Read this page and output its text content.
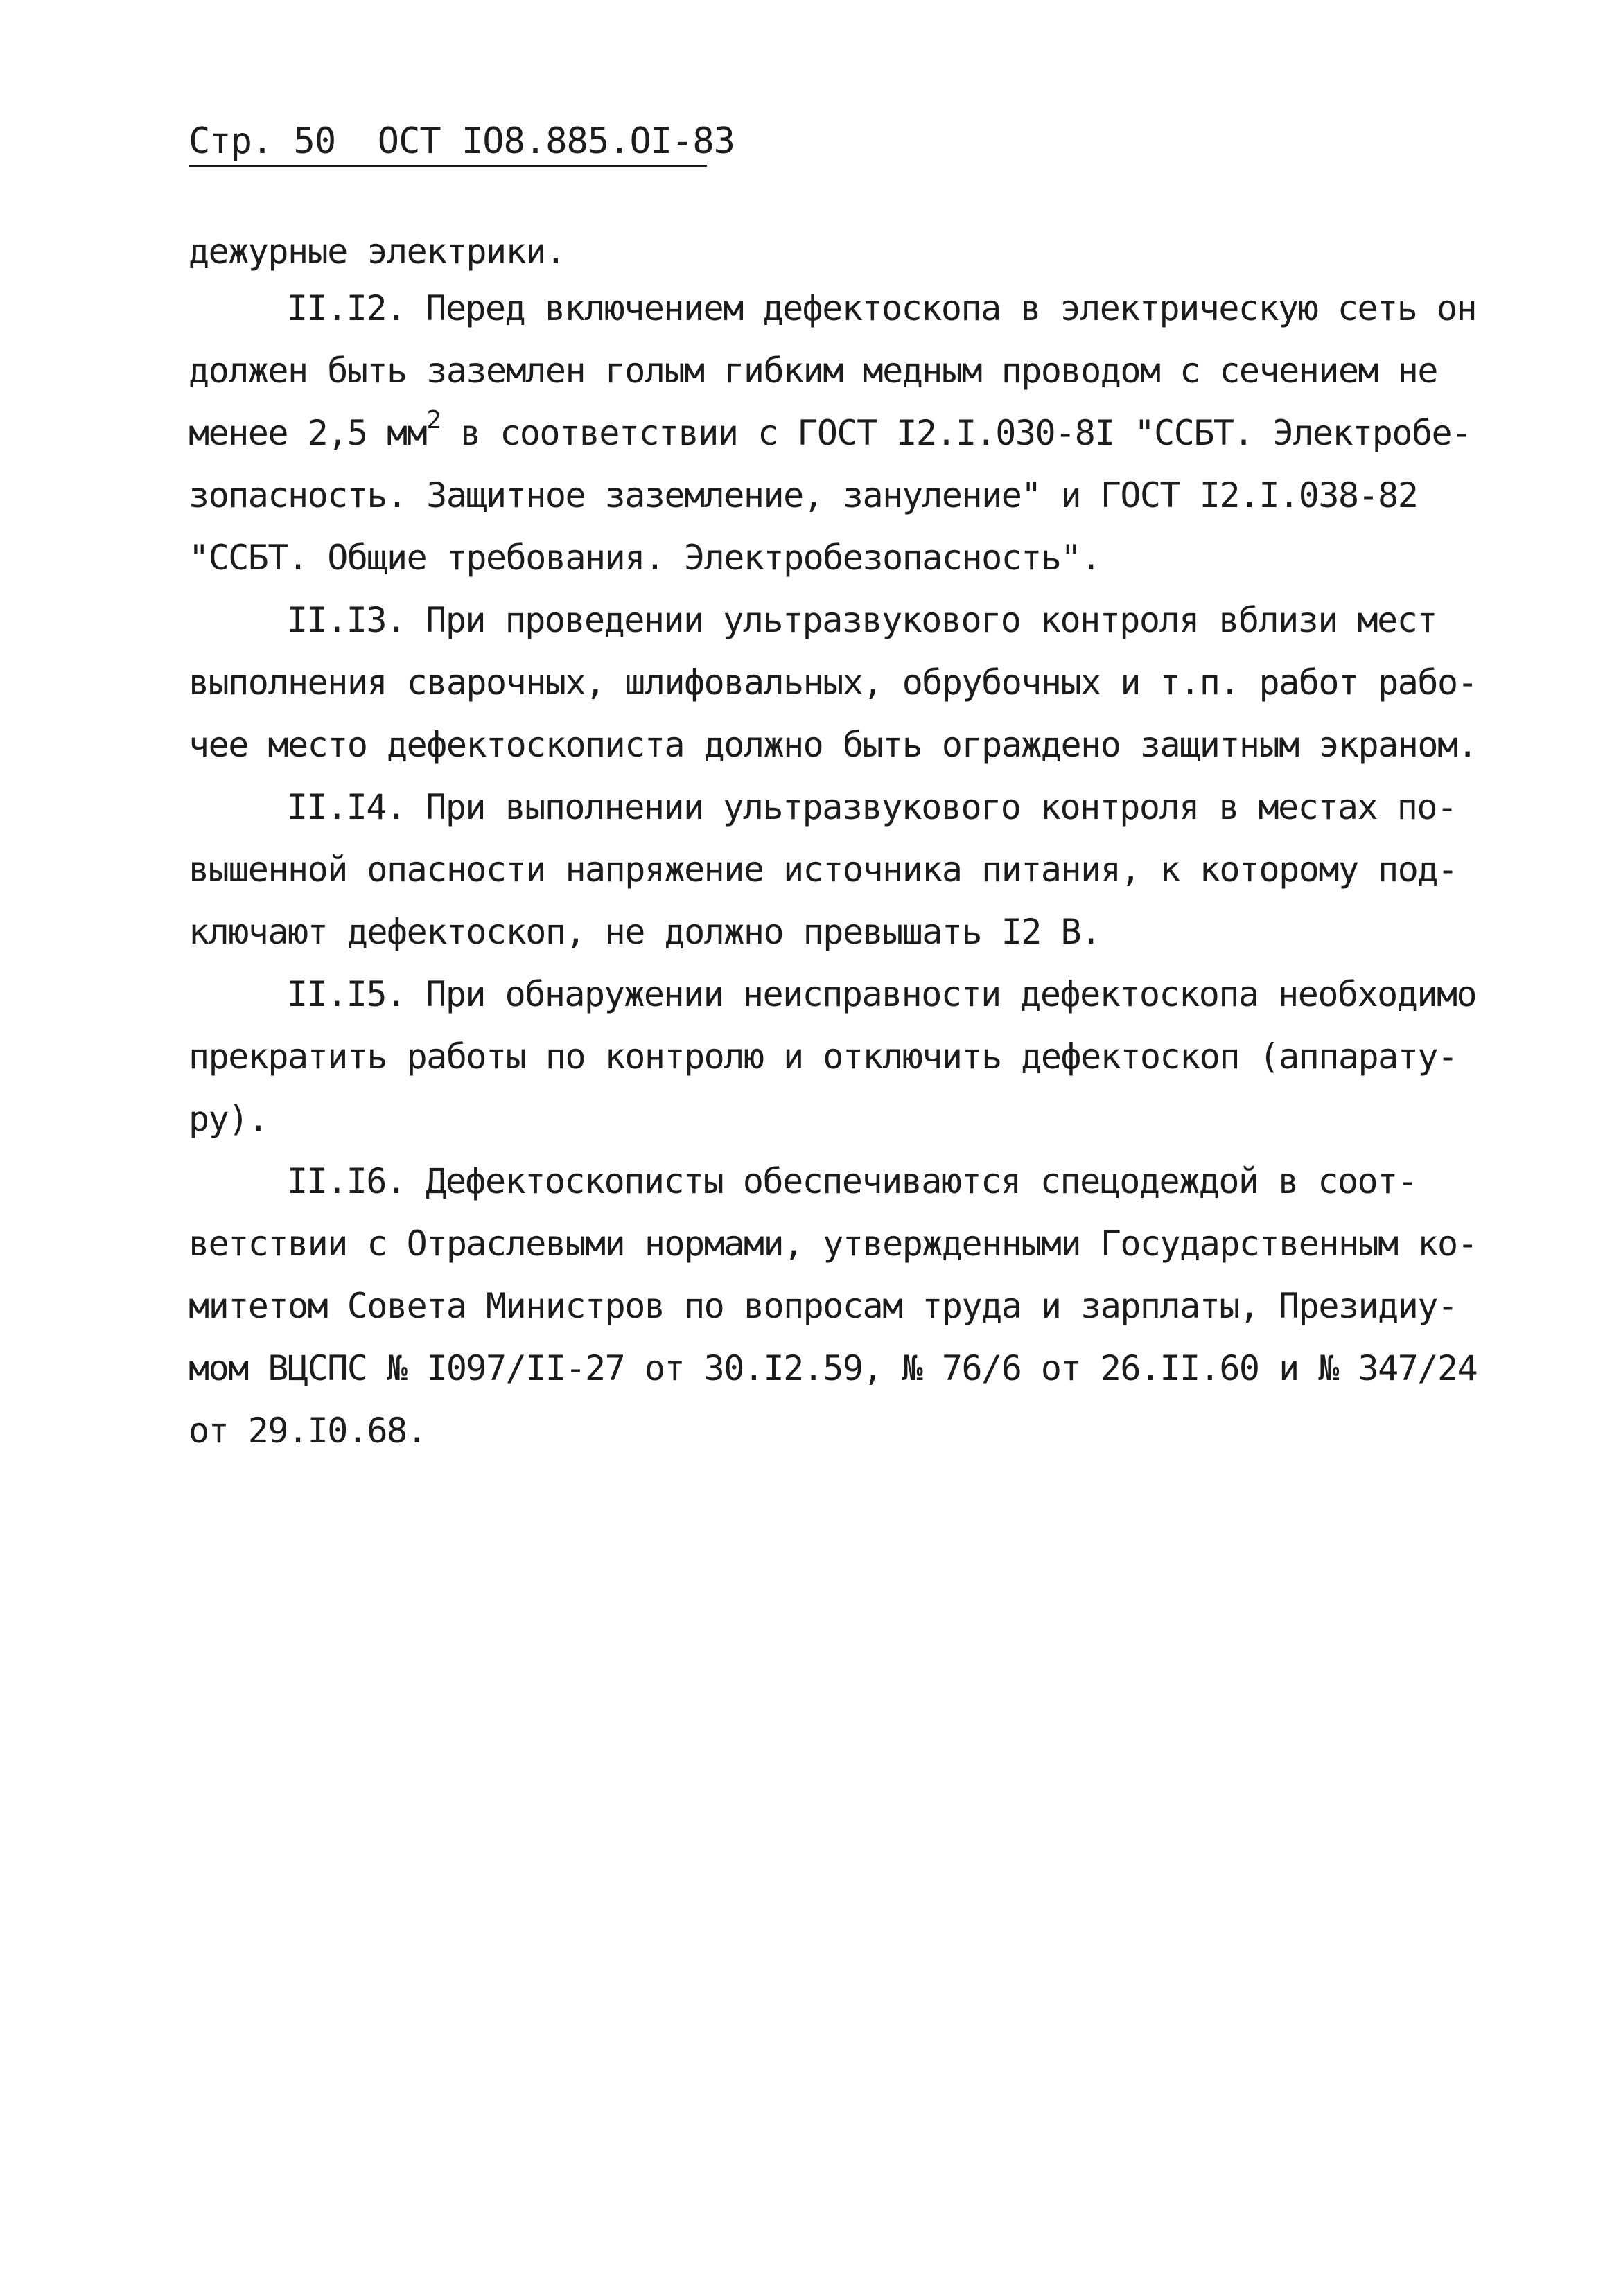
Стр. 50  ОСТ IО8.885.ОI-83

дежурные электрики.

II.I2. Перед включением дефектоскопа в электрическую сеть он

должен быть заземлен голым гибким медным проводом с сечением не

менее 2,5 $мм^2$ в соответствии с ГОСТ I2.I.030-8I "ССБТ. Электробе-

зопасность. Защитное заземление, зануление" и ГОСТ I2.I.038-82

"ССБТ. Общие требования. Электробезопасность".

II.I3. При проведении ультразвукового контроля вблизи мест

выполнения сварочных, шлифовальных, обрубочных и т.п. работ рабо-

чее место дефектоскописта должно быть ограждено защитным экраном.

II.I4. При выполнении ультразвукового контроля в местах по-

вышенной опасности напряжение источника питания, к которому под-

ключают дефектоскоп, не должно превышать I2 В.

II.I5. При обнаружении неисправности дефектоскопа необходимо

прекратить работы по контролю и отключить дефектоскоп (аппарату-

ру).

II.I6. Дефектоскописты обеспечиваются спецодеждой в соот-

ветствии с Отраслевыми нормами, утвержденными Государственным ко-

митетом Совета Министров по вопросам труда и зарплаты, Президиу-

мом ВЦСПС № I097/II-27 от 30.I2.59, № 76/6 от 26.II.60 и № 347/24

от 29.I0.68.
